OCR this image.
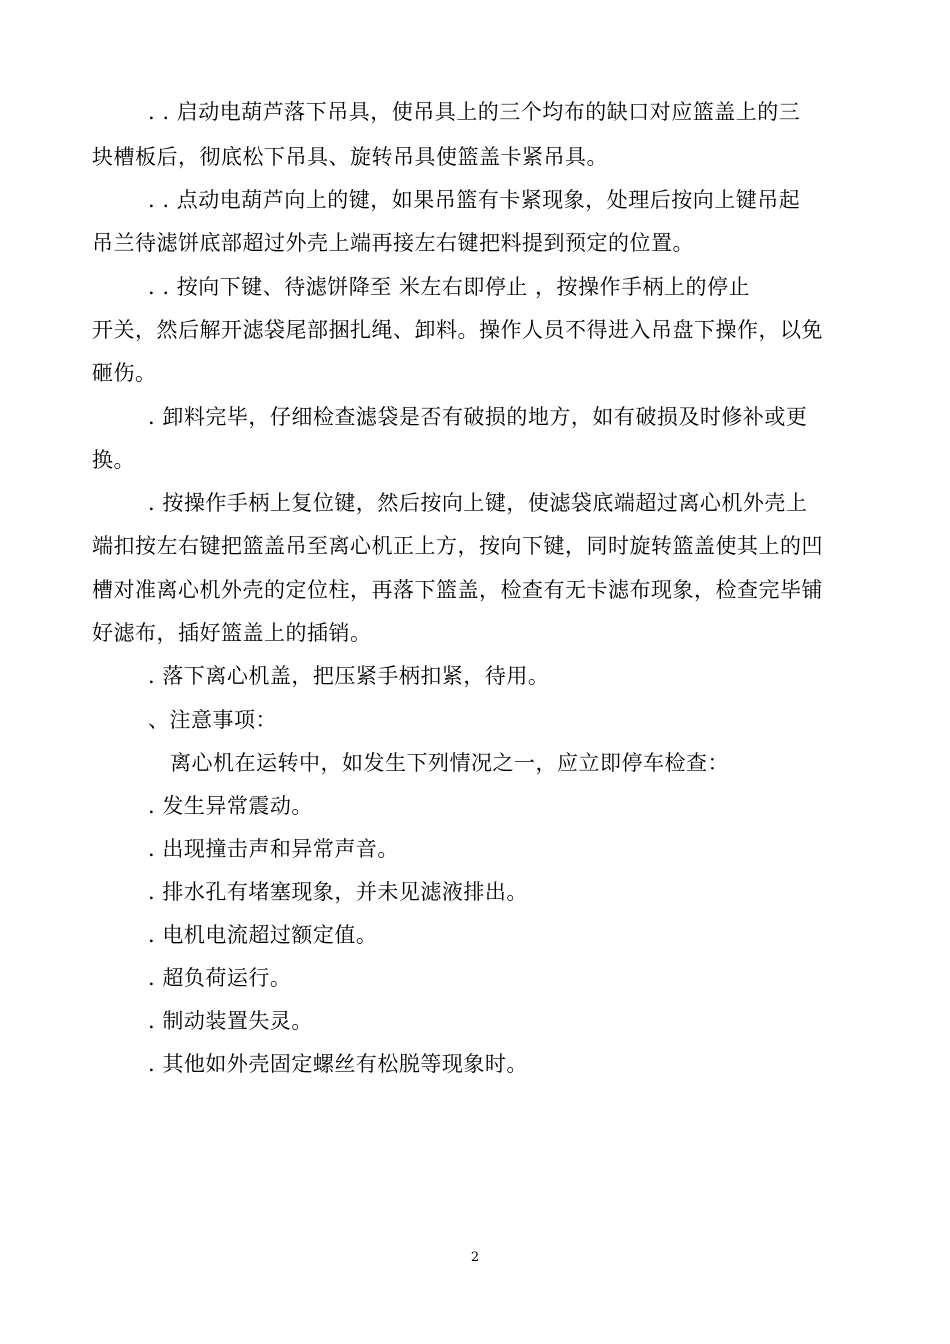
. . 启动电葫芦落下吊具，使吊具上的三个均布的缺口对应篮盖上的三
块槽板后，彻底松下吊具、旋转吊具使篮盖卡紧吊具。
. . 点动电葫芦向上的键，如果吊篮有卡紧现象，处理后按向上键吊起
吊兰待滤饼底部超过外壳上端再接左右键把料提到预定的位置。
. . 按向下键、待滤饼降至 米左右即停止 ，按操作手柄上的停止
开关，然后解开滤袋尾部捆扎绳、卸料。操作人员不得进入吊盘下操作，以免
砸伤。
. 卸料完毕，仔细检查滤袋是否有破损的地方，如有破损及时修补或更
换。
. 按操作手柄上复位键，然后按向上键，使滤袋底端超过离心机外壳上
端扣按左右键把篮盖吊至离心机正上方，按向下键，同时旋转篮盖使其上的凹
槽对准离心机外壳的定位柱，再落下篮盖，检查有无卡滤布现象，检查完毕铺
好滤布，插好篮盖上的插销。
. 落下离心机盖，把压紧手柄扣紧，待用。
、注意事项：
离心机在运转中，如发生下列情况之一，应立即停车检查：
. 发生异常震动。
. 出现撞击声和异常声音。
. 排水孔有堵塞现象，并未见滤液排出。
. 电机电流超过额定值。
. 超负荷运行。
. 制动装置失灵。
. 其他如外壳固定螺丝有松脱等现象时。
2
